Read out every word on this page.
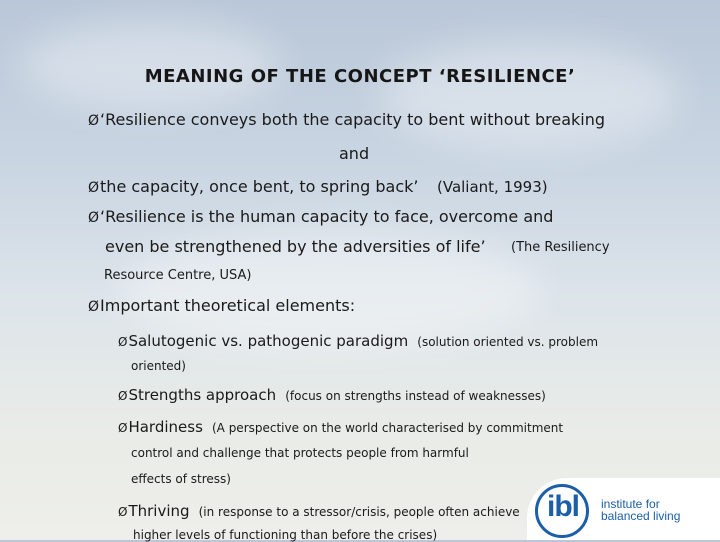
MEANING OF THE CONCEPT ‘RESILIENCE’
Ø‘Resilience conveys both the capacity to bent without breaking
and
Øthe capacity, once bent, to spring back’ (Valiant, 1993)
Ø‘Resilience is the human capacity to face, overcome and
even be strengthened by the adversities of life’ (The Resiliency
Resource Centre, USA)
ØImportant theoretical elements:
ØSalutogenic vs. pathogenic paradigm (solution oriented vs. problem
oriented)
ØStrengths approach (focus on strengths instead of weaknesses)
ØHardiness (A perspective on the world characterised by commitment
control and challenge that protects people from harmful
effects of stress)
ØThriving (in response to a stressor/crisis, people often achieve
higher levels of functioning than before the crises)
ibl	institute for
balanced living
